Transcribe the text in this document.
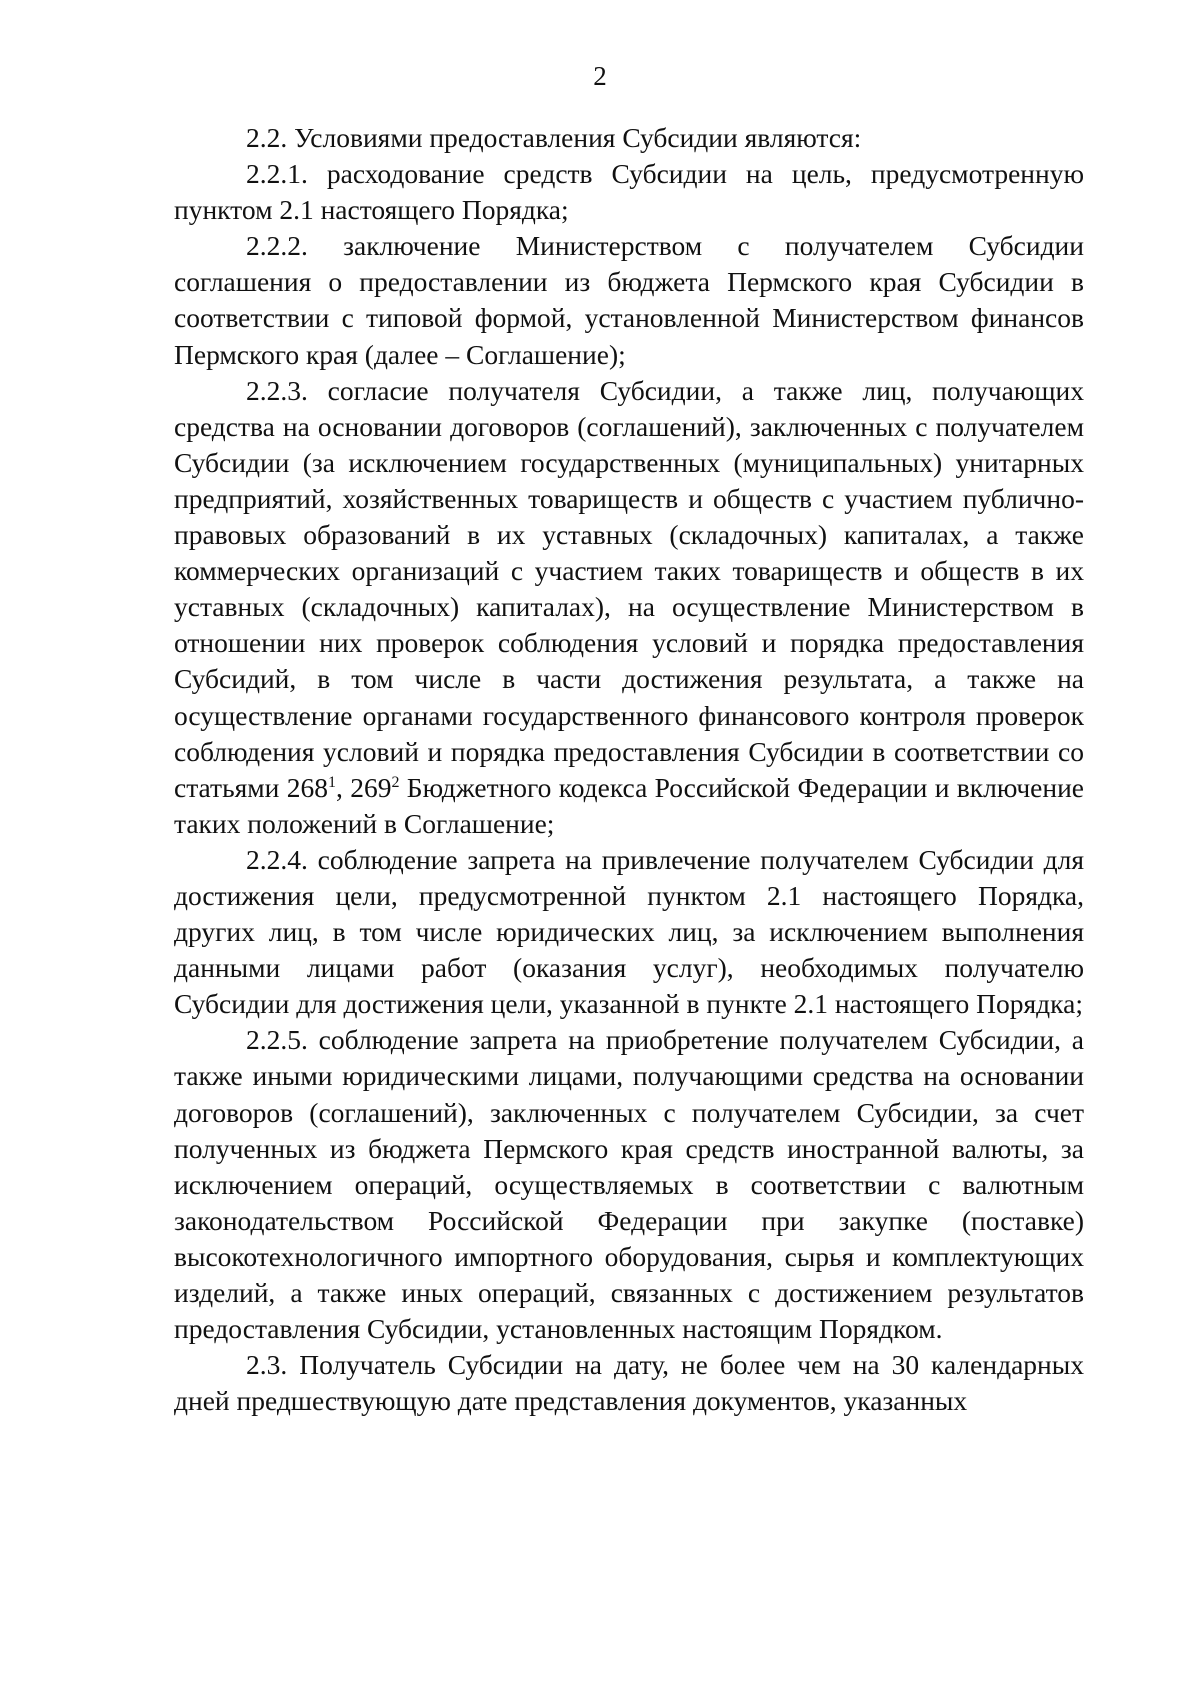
2

2.2. Условиями предоставления Субсидии являются:

2.2.1. расходование средств Субсидии на цель, предусмотренную пунктом 2.1 настоящего Порядка;

2.2.2. заключение Министерством с получателем Субсидии соглашения о предоставлении из бюджета Пермского края Субсидии в соответствии с типовой формой, установленной Министерством финансов Пермского края (далее – Соглашение);

2.2.3. согласие получателя Субсидии, а также лиц, получающих средства на основании договоров (соглашений), заключенных с получателем Субсидии (за исключением государственных (муниципальных) унитарных предприятий, хозяйственных товариществ и обществ с участием публично-правовых образований в их уставных (складочных) капиталах, а также коммерческих организаций с участием таких товариществ и обществ в их уставных (складочных) капиталах), на осуществление Министерством в отношении них проверок соблюдения условий и порядка предоставления Субсидий, в том числе в части достижения результата, а также на осуществление органами государственного финансового контроля проверок соблюдения условий и порядка предоставления Субсидии в соответствии со статьями $268^1$, $269^2$ Бюджетного кодекса Российской Федерации и включение таких положений в Соглашение;

2.2.4. соблюдение запрета на привлечение получателем Субсидии для достижения цели, предусмотренной пунктом 2.1 настоящего Порядка, других лиц, в том числе юридических лиц, за исключением выполнения данными лицами работ (оказания услуг), необходимых получателю Субсидии для достижения цели, указанной в пункте 2.1 настоящего Порядка;

2.2.5. соблюдение запрета на приобретение получателем Субсидии, а также иными юридическими лицами, получающими средства на основании договоров (соглашений), заключенных с получателем Субсидии, за счет полученных из бюджета Пермского края средств иностранной валюты, за исключением операций, осуществляемых в соответствии с валютным законодательством Российской Федерации при закупке (поставке) высокотехнологичного импортного оборудования, сырья и комплектующих изделий, а также иных операций, связанных с достижением результатов предоставления Субсидии, установленных настоящим Порядком.

2.3. Получатель Субсидии на дату, не более чем на 30 календарных дней предшествующую дате представления документов, указанных
